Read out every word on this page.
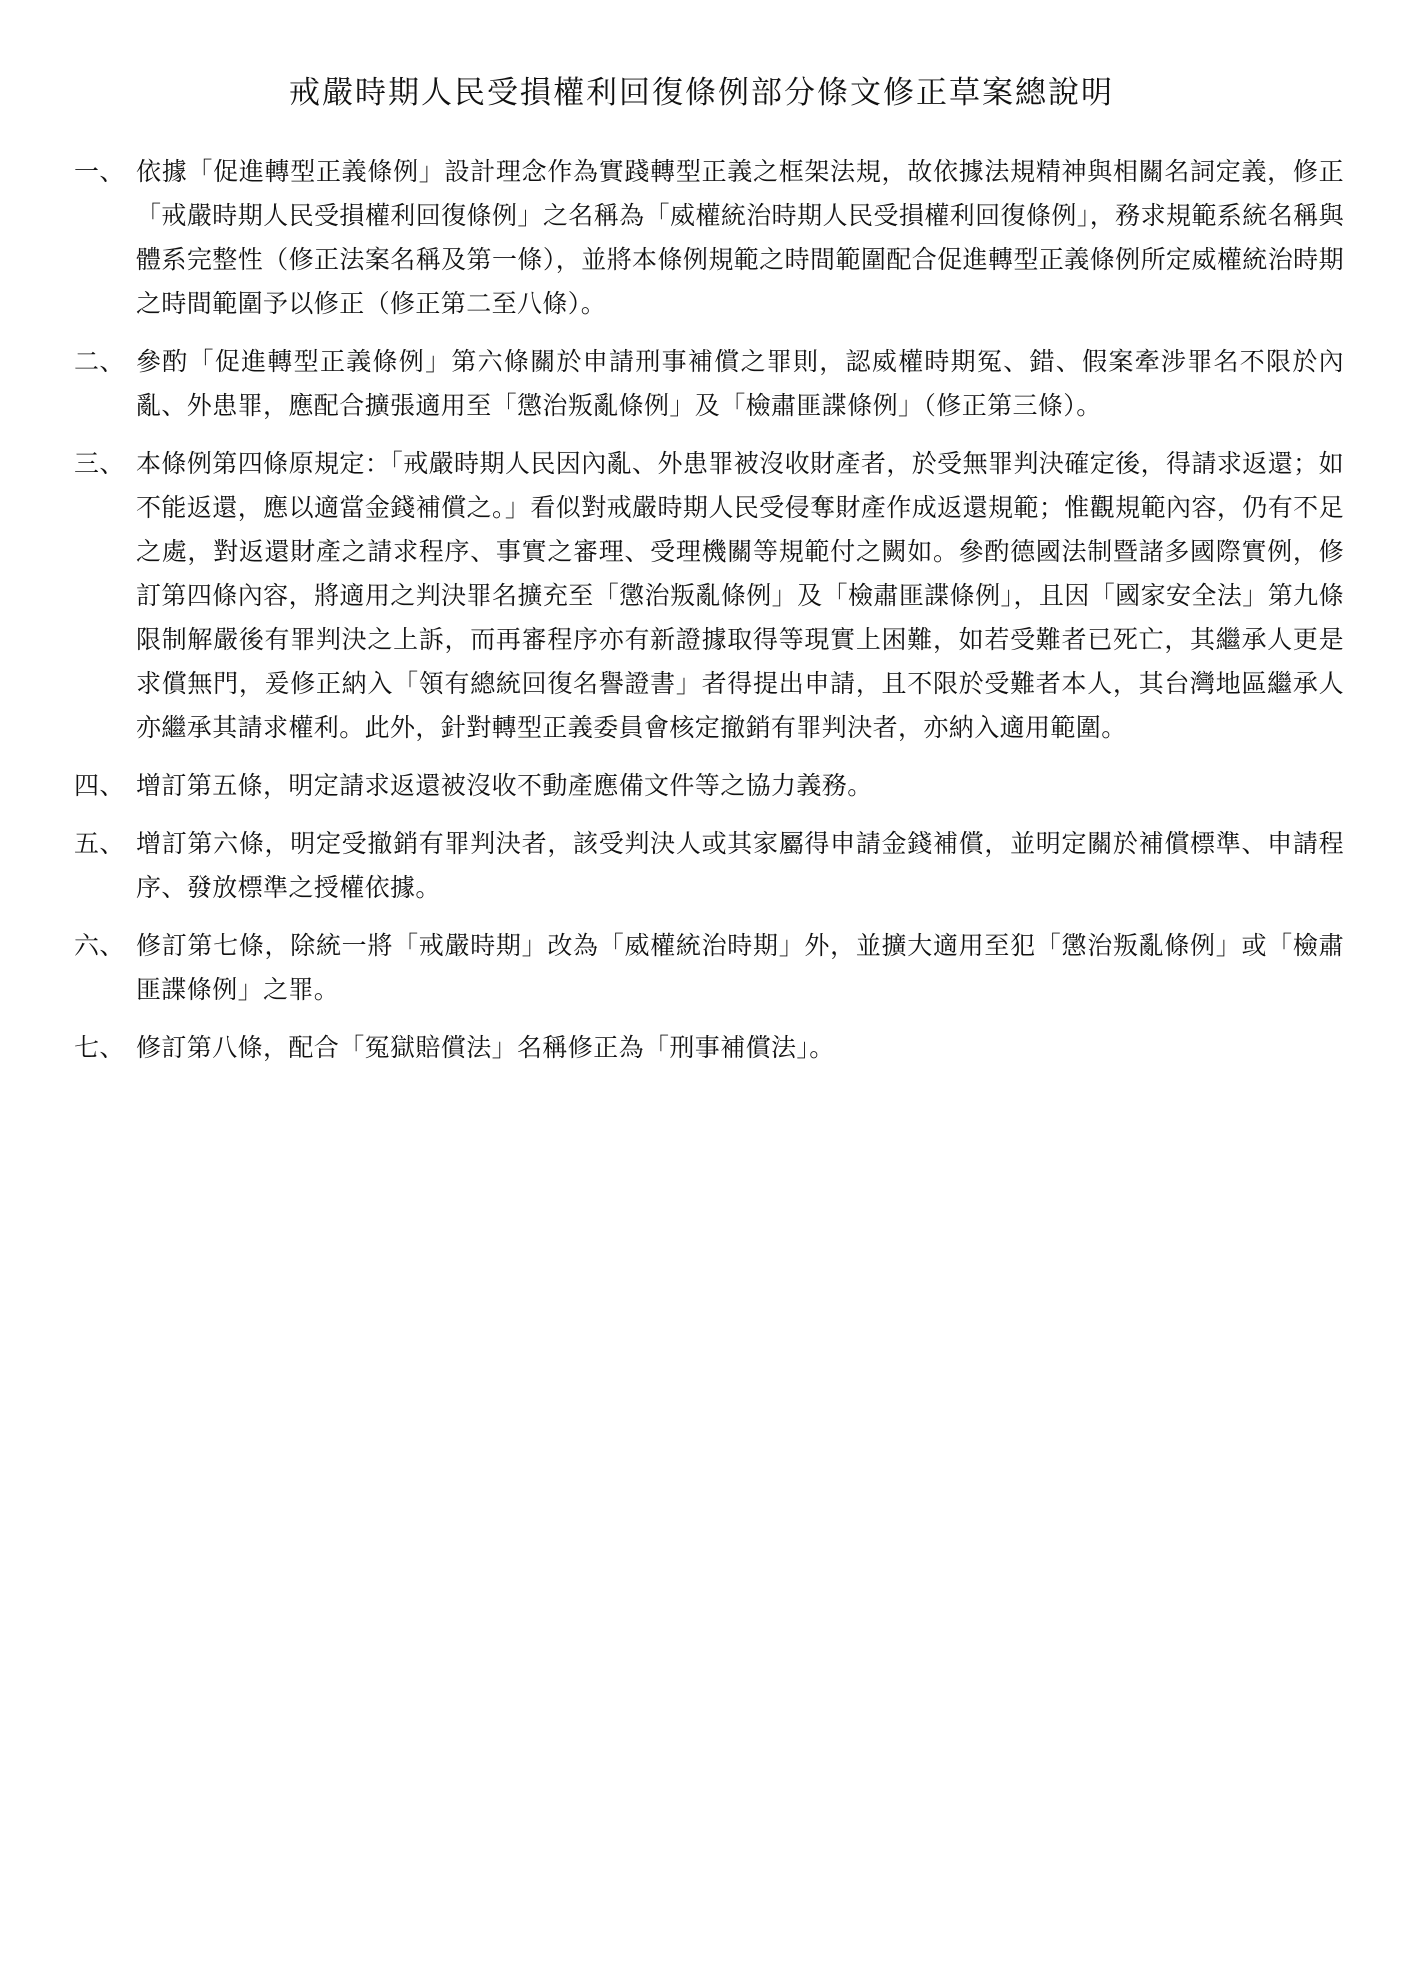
戒嚴時期人民受損權利回復條例部分條文修正草案總說明
一、 依據「促進轉型正義條例」設計理念作為實踐轉型正義之框架法規，故依據法規精神與相關名詞定義，修正「戒嚴時期人民受損權利回復條例」之名稱為「威權統治時期人民受損權利回復條例」，務求規範系統名稱與體系完整性（修正法案名稱及第一條），並將本條例規範之時間範圍配合促進轉型正義條例所定威權統治時期之時間範圍予以修正（修正第二至八條）。
二、 參酌「促進轉型正義條例」第六條關於申請刑事補償之罪則，認威權時期冤、錯、假案牽涉罪名不限於內亂、外患罪，應配合擴張適用至「懲治叛亂條例」及「檢肅匪諜條例」（修正第三條）。
三、 本條例第四條原規定：「戒嚴時期人民因內亂、外患罪被沒收財產者，於受無罪判決確定後，得請求返還；如不能返還，應以適當金錢補償之。」看似對戒嚴時期人民受侵奪財產作成返還規範；惟觀規範內容，仍有不足之處，對返還財產之請求程序、事實之審理、受理機關等規範付之闕如。參酌德國法制暨諸多國際實例，修訂第四條內容，將適用之判決罪名擴充至「懲治叛亂條例」及「檢肅匪諜條例」，且因「國家安全法」第九條限制解嚴後有罪判決之上訴，而再審程序亦有新證據取得等現實上困難，如若受難者已死亡，其繼承人更是求償無門，爰修正納入「領有總統回復名譽證書」者得提出申請，且不限於受難者本人，其台灣地區繼承人亦繼承其請求權利。此外，針對轉型正義委員會核定撤銷有罪判決者，亦納入適用範圍。
四、 增訂第五條，明定請求返還被沒收不動產應備文件等之協力義務。
五、 增訂第六條，明定受撤銷有罪判決者，該受判決人或其家屬得申請金錢補償，並明定關於補償標準、申請程序、發放標準之授權依據。
六、 修訂第七條，除統一將「戒嚴時期」改為「威權統治時期」外，並擴大適用至犯「懲治叛亂條例」或「檢肅匪諜條例」之罪。
七、 修訂第八條，配合「冤獄賠償法」名稱修正為「刑事補償法」。
